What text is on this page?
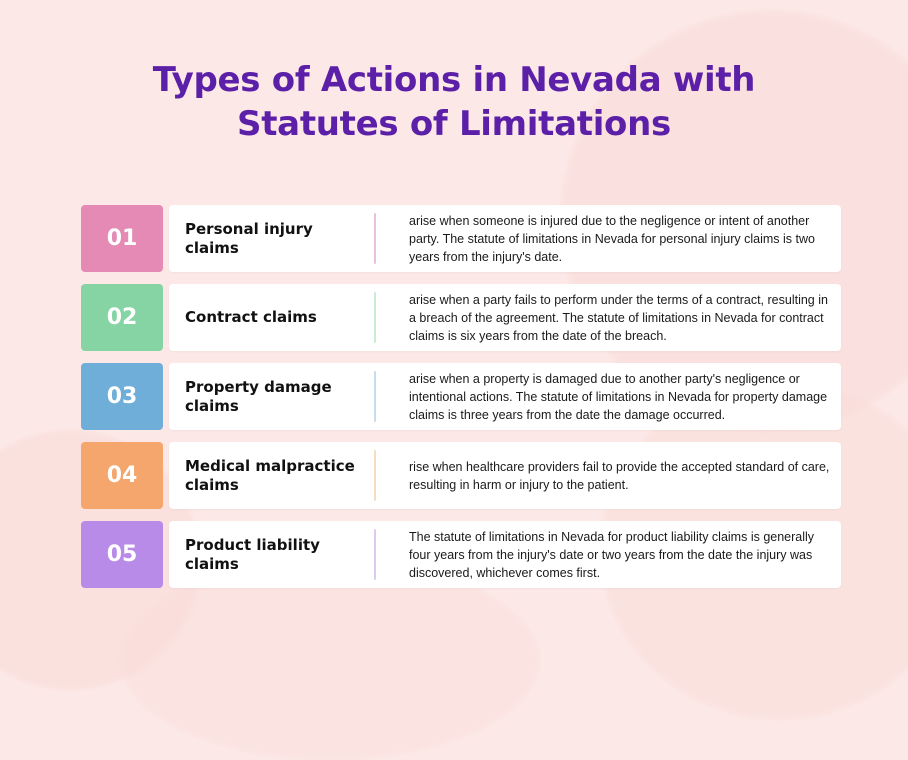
Types of Actions in Nevada with
Statutes of Limitations
01	Personal injury claims
arise when someone is injured due to the negligence or intent of another party. The statute of limitations in Nevada for personal injury claims is two years from the injury's date.
02	Contract claims
arise when a party fails to perform under the terms of a contract, resulting in a breach of the agreement. The statute of limitations in Nevada for contract claims is six years from the date of the breach.
03	Property damage claims
arise when a property is damaged due to another party's negligence or intentional actions. The statute of limitations in Nevada for property damage claims is three years from the date the damage occurred.
04	Medical malpractice claims
rise when healthcare providers fail to provide the accepted standard of care, resulting in harm or injury to the patient.
05	Product liability claims
The statute of limitations in Nevada for product liability claims is generally four years from the injury's date or two years from the date the injury was discovered, whichever comes first.
